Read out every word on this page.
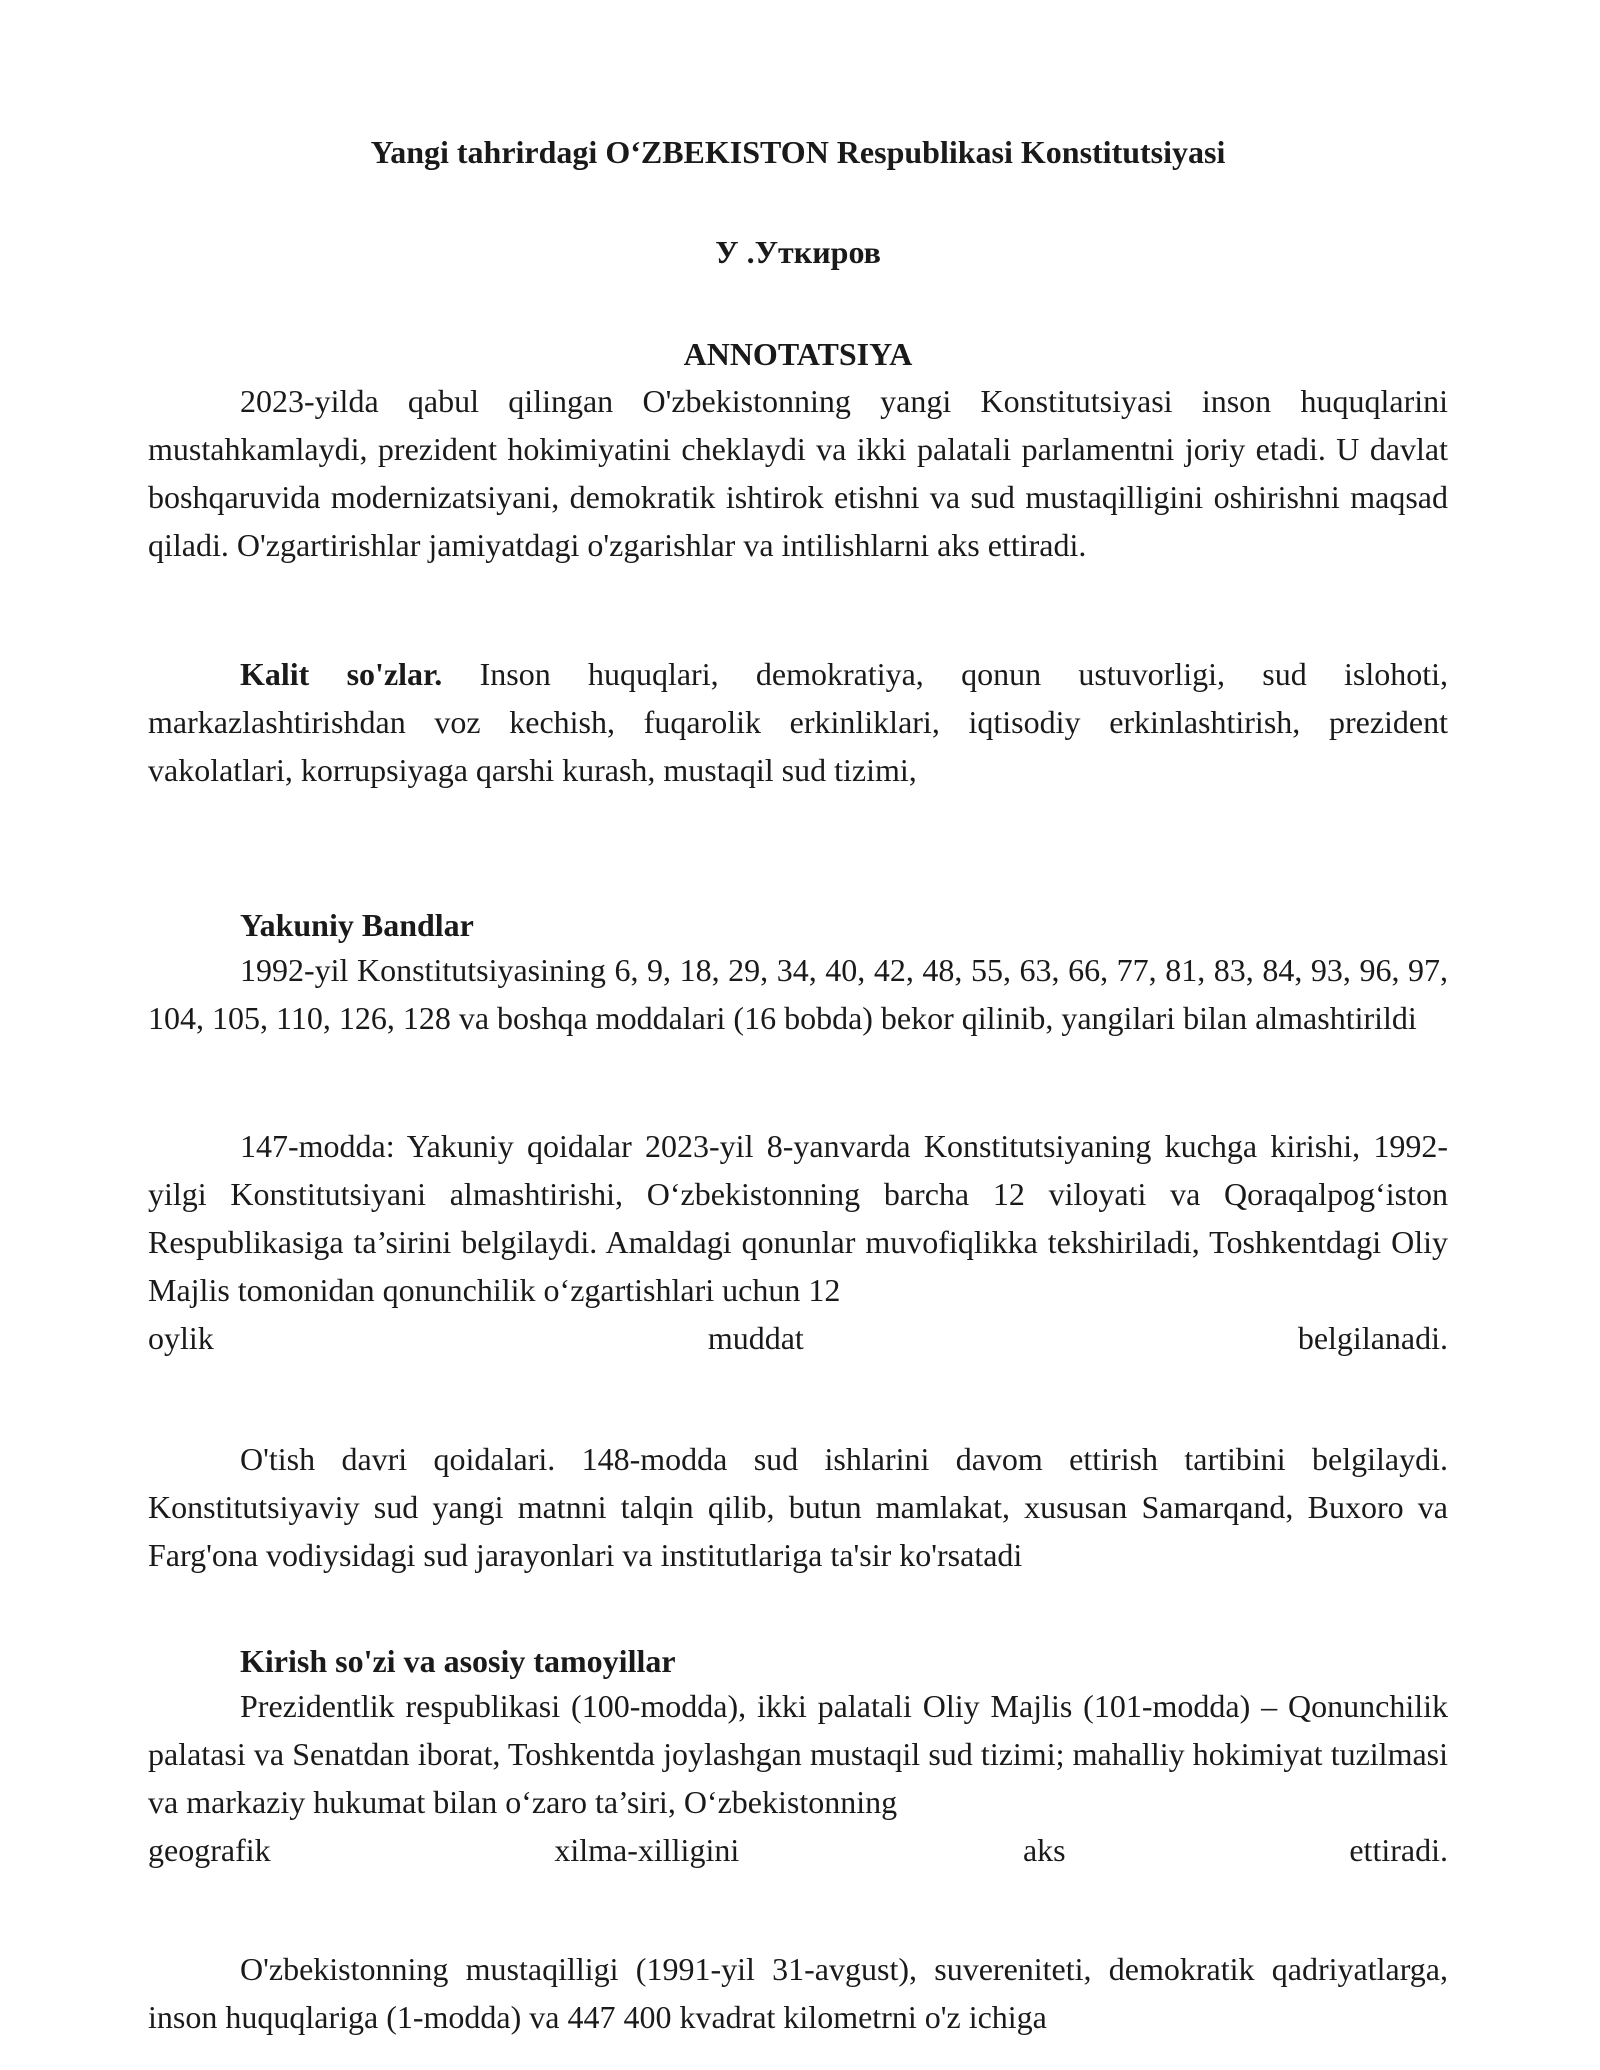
Yangi tahrirdagi O‘ZBEKISTON Respublikasi Konstitutsiyasi
У .Уткиров
ANNOTATSIYA

2023-yilda qabul qilingan O'zbekistonning yangi Konstitutsiyasi inson huquqlarini mustahkamlaydi, prezident hokimiyatini cheklaydi va ikki palatali parlamentni joriy etadi. U davlat boshqaruvida modernizatsiyani, demokratik ishtirok etishni va sud mustaqilligini oshirishni maqsad qiladi. O'zgartirishlar jamiyatdagi o'zgarishlar va intilishlarni aks ettiradi.

Kalit so'zlar. Inson huquqlari, demokratiya, qonun ustuvorligi, sud islohoti, markazlashtirishdan voz kechish, fuqarolik erkinliklari, iqtisodiy erkinlashtirish, prezident vakolatlari, korrupsiyaga qarshi kurash, mustaqil sud tizimi,

Yakuniy Bandlar

1992-yil Konstitutsiyasining 6, 9, 18, 29, 34, 40, 42, 48, 55, 63, 66, 77, 81, 83, 84, 93, 96, 97, 104, 105, 110, 126, 128 va boshqa moddalari (16 bobda) bekor qilinib, yangilari bilan almashtirildi

147-modda: Yakuniy qoidalar 2023-yil 8-yanvarda Konstitutsiyaning kuchga kirishi, 1992-yilgi Konstitutsiyani almashtirishi, O‘zbekistonning barcha 12 viloyati va Qoraqalpog‘iston Respublikasiga ta’sirini belgilaydi. Amaldagi qonunlar muvofiqlikka tekshiriladi, Toshkentdagi Oliy Majlis tomonidan qonunchilik o‘zgartishlari uchun 12

oylik	muddat	belgilanadi.

O'tish davri qoidalari. 148-modda sud ishlarini davom ettirish tartibini belgilaydi. Konstitutsiyaviy sud yangi matnni talqin qilib, butun mamlakat, xususan Samarqand, Buxoro va Farg'ona vodiysidagi sud jarayonlari va institutlariga ta'sir ko'rsatadi

Kirish so'zi va asosiy tamoyillar

Prezidentlik respublikasi (100-modda), ikki palatali Oliy Majlis (101-modda) – Qonunchilik palatasi va Senatdan iborat, Toshkentda joylashgan mustaqil sud tizimi; mahalliy hokimiyat tuzilmasi va markaziy hukumat bilan o‘zaro ta’siri, O‘zbekistonning

geografik	xilma-xilligini	aks	ettiradi.

O'zbekistonning mustaqilligi (1991-yil 31-avgust), suvereniteti, demokratik qadriyatlarga, inson huquqlariga (1-modda) va 447 400 kvadrat kilometrni o'z ichiga
